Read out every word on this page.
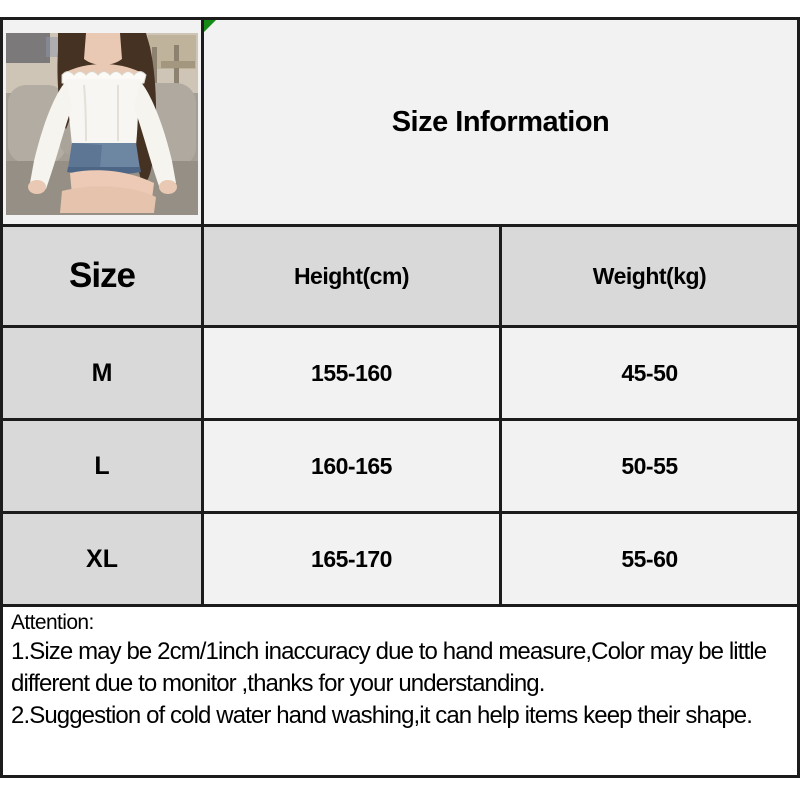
Size Information
Size	Height(cm)	Weight(kg)
M	155-160	45-50
L	160-165	50-55
XL	165-170	55-60
Attention:
1.Size may be 2cm/1inch inaccuracy due to hand measure,Color may be little different due to monitor ,thanks for your understanding.
2.Suggestion of cold water hand washing,it can help items keep their shape.
